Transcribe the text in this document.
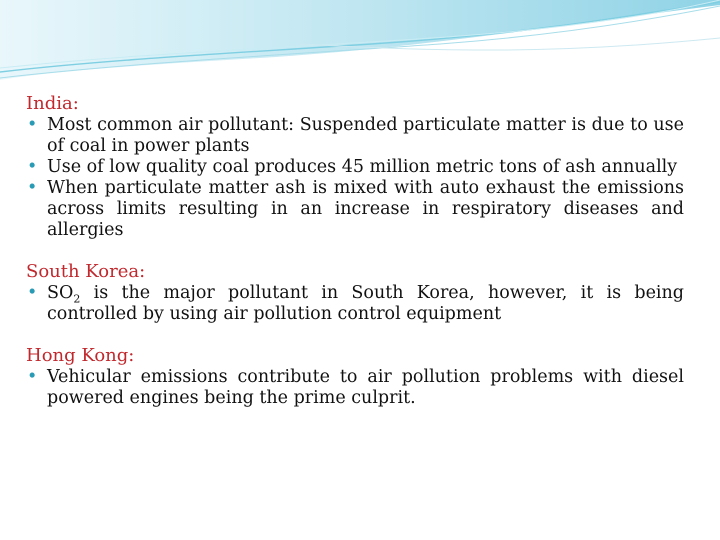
India:

• Most common air pollutant: Suspended particulate matter is due to use of coal in power plants
• Use of low quality coal produces 45 million metric tons of ash annually
• When particulate matter ash is mixed with auto exhaust the emissions across limits resulting in an increase in respiratory diseases and allergies

South Korea:

• $SO_2$ is the major pollutant in South Korea, however, it is being controlled by using air pollution control equipment

Hong Kong:

• Vehicular emissions contribute to air pollution problems with diesel powered engines being the prime culprit.
